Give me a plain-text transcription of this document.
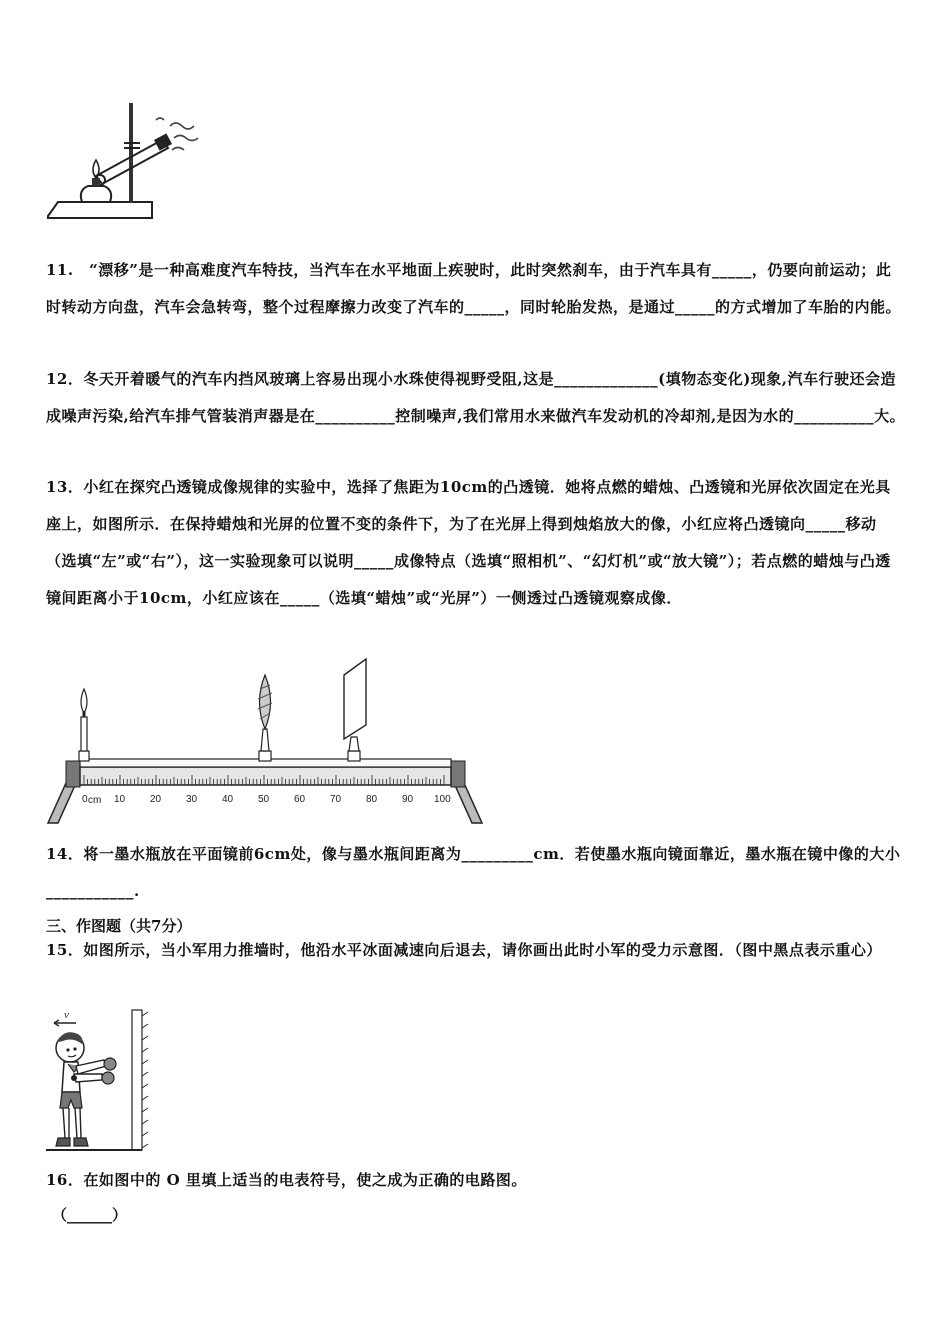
11.　“漂移”是一种高难度汽车特技，当汽车在水平地面上疾驶时，此时突然刹车，由于汽车具有_____，仍要向前运动；此时转动方向盘，汽车会急转弯，整个过程摩擦力改变了汽车的_____，同时轮胎发热，是通过_____的方式增加了车胎的内能。

12．冬天开着暖气的汽车内挡风玻璃上容易出现小水珠使得视野受阻,这是_____________(填物态变化)现象,汽车行驶还会造成噪声污染,给汽车排气管装消声器是在__________控制噪声,我们常用水来做汽车发动机的冷却剂,是因为水的__________大。

13．小红在探究凸透镜成像规律的实验中，选择了焦距为10cm的凸透镜．她将点燃的蜡烛、凸透镜和光屏依次固定在光具座上，如图所示．在保持蜡烛和光屏的位置不变的条件下，为了在光屏上得到烛焰放大的像，小红应将凸透镜向_____移动（选填“左”或“右”），这一实验现象可以说明_____成像特点（选填“照相机”、“幻灯机”或“放大镜”）；若点燃的蜡烛与凸透镜间距离小于10cm，小红应该在_____（选填“蜡烛”或“光屏”）一侧透过凸透镜观察成像．

0 cm 10 20 30 40 50 60 70 80 90 100

14．将一墨水瓶放在平面镜前6cm处，像与墨水瓶间距离为_________cm．若使墨水瓶向镜面靠近，墨水瓶在镜中像的大小___________.

三、作图题（共7分）

15．如图所示，当小军用力推墙时，他沿水平冰面减速向后退去，请你画出此时小军的受力示意图．（图中黑点表示重心）

v

16．在如图中的 O 里填上适当的电表符号，使之成为正确的电路图。

（______）
